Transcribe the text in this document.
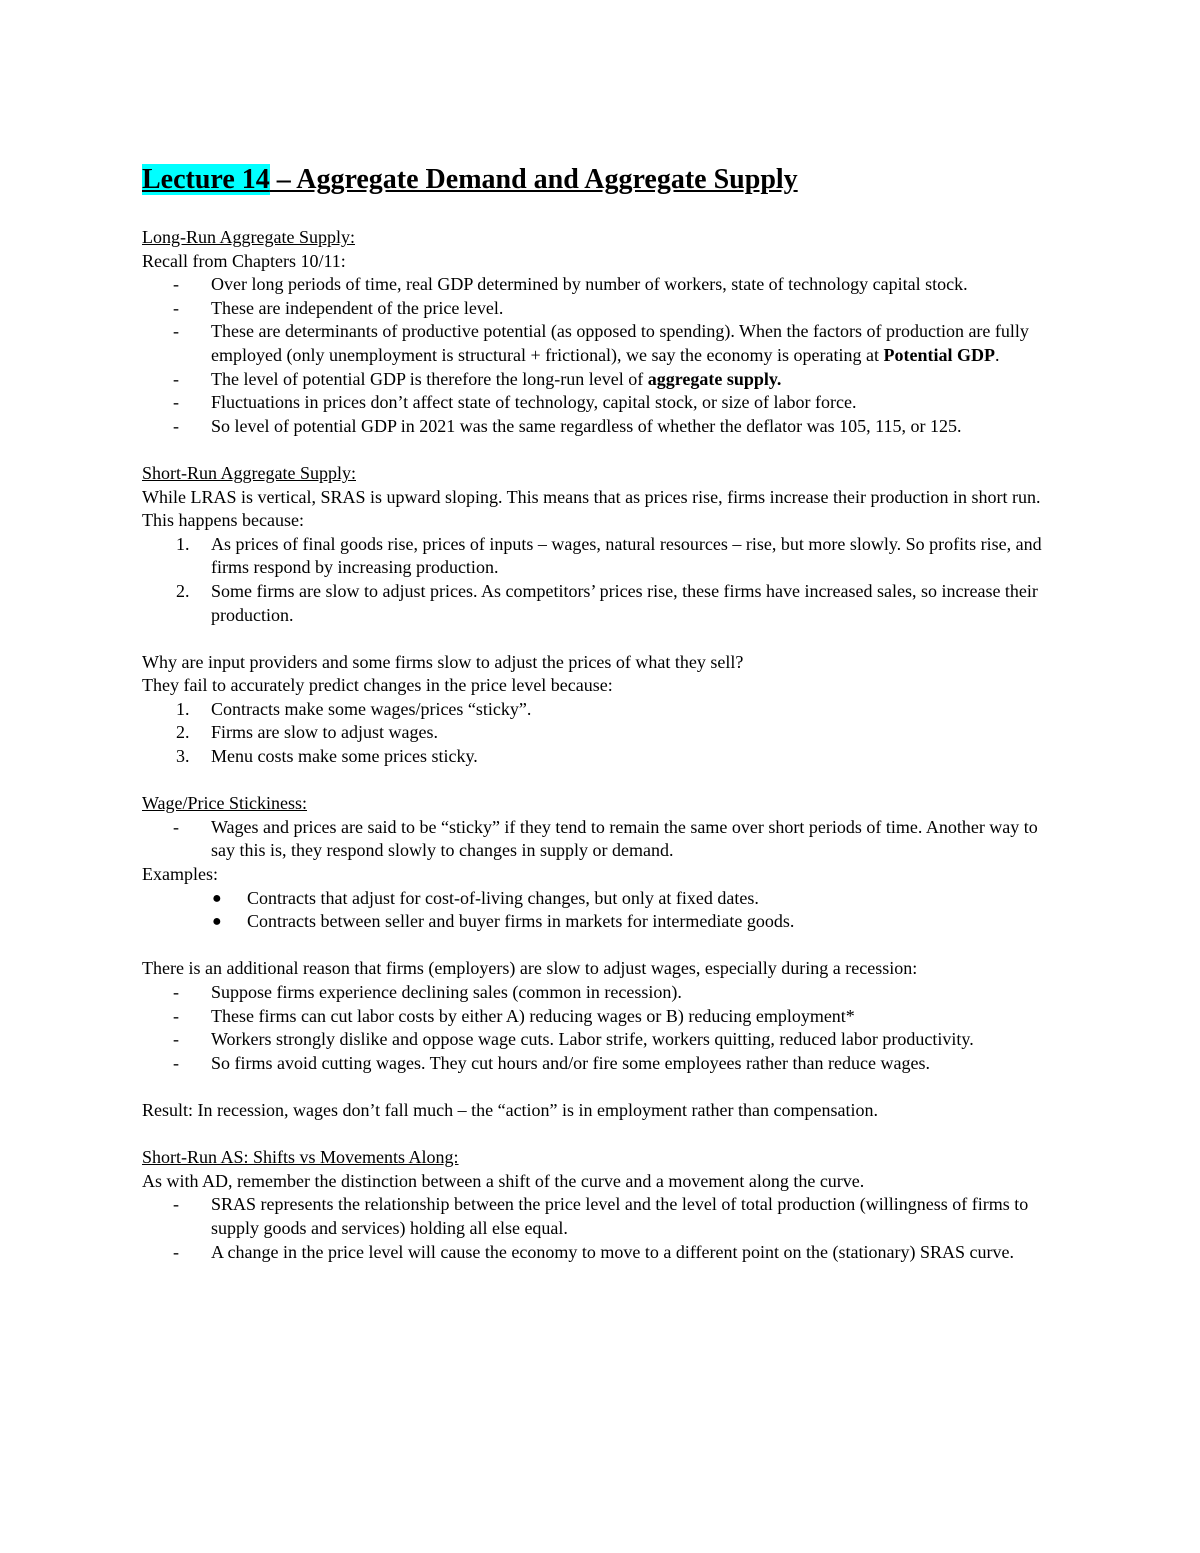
Lecture 14 – Aggregate Demand and Aggregate Supply

Long-Run Aggregate Supply:

Recall from Chapters 10/11:

- Over long periods of time, real GDP determined by number of workers, state of technology capital stock.
- These are independent of the price level.
- These are determinants of productive potential (as opposed to spending). When the factors of production are fully employed (only unemployment is structural + frictional), we say the economy is operating at Potential GDP.
- The level of potential GDP is therefore the long-run level of aggregate supply.
- Fluctuations in prices don’t affect state of technology, capital stock, or size of labor force.
- So level of potential GDP in 2021 was the same regardless of whether the deflator was 105, 115, or 125.

Short-Run Aggregate Supply:

While LRAS is vertical, SRAS is upward sloping. This means that as prices rise, firms increase their production in short run.

This happens because:

1. As prices of final goods rise, prices of inputs – wages, natural resources – rise, but more slowly. So profits rise, and firms respond by increasing production.
2. Some firms are slow to adjust prices. As competitors’ prices rise, these firms have increased sales, so increase their production.

Why are input providers and some firms slow to adjust the prices of what they sell?

They fail to accurately predict changes in the price level because:

1. Contracts make some wages/prices “sticky”.
2. Firms are slow to adjust wages.
3. Menu costs make some prices sticky.

Wage/Price Stickiness:

- Wages and prices are said to be “sticky” if they tend to remain the same over short periods of time. Another way to say this is, they respond slowly to changes in supply or demand.

Examples:

● Contracts that adjust for cost-of-living changes, but only at fixed dates.
● Contracts between seller and buyer firms in markets for intermediate goods.

There is an additional reason that firms (employers) are slow to adjust wages, especially during a recession:

- Suppose firms experience declining sales (common in recession).
- These firms can cut labor costs by either A) reducing wages or B) reducing employment*
- Workers strongly dislike and oppose wage cuts. Labor strife, workers quitting, reduced labor productivity.
- So firms avoid cutting wages. They cut hours and/or fire some employees rather than reduce wages.

Result: In recession, wages don’t fall much – the “action” is in employment rather than compensation.

Short-Run AS: Shifts vs Movements Along:

As with AD, remember the distinction between a shift of the curve and a movement along the curve.

- SRAS represents the relationship between the price level and the level of total production (willingness of firms to supply goods and services) holding all else equal.
- A change in the price level will cause the economy to move to a different point on the (stationary) SRAS curve.
